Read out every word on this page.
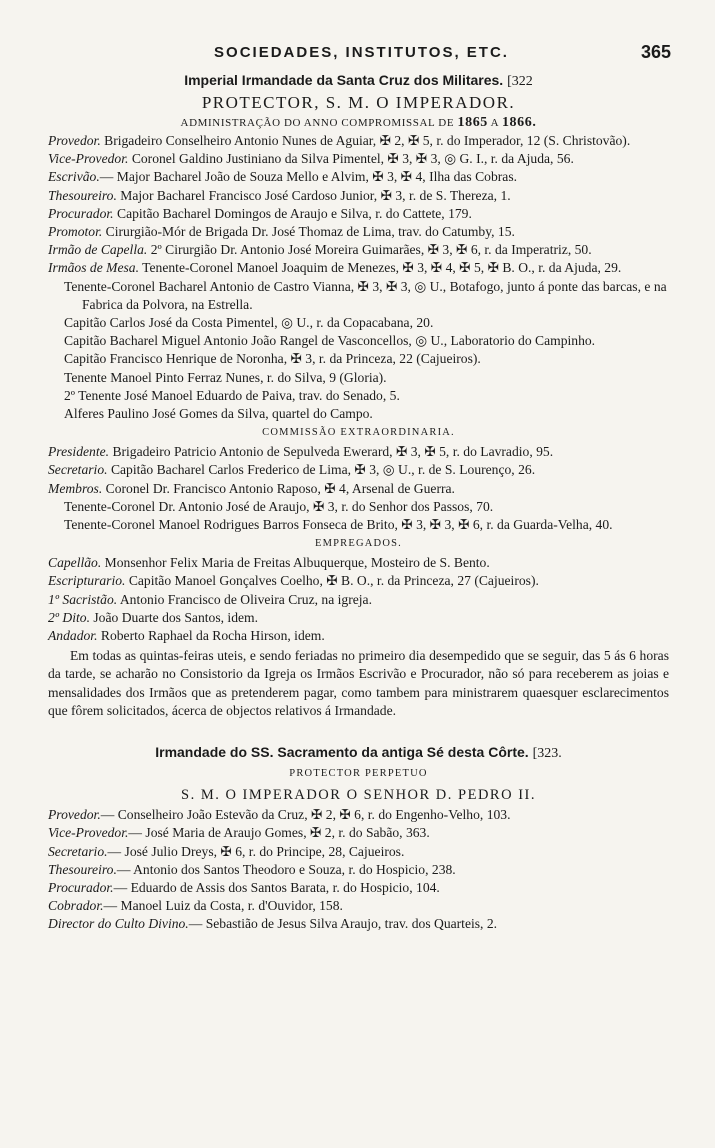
SOCIEDADES, INSTITUTOS, ETC.	365
Imperial Irmandade da Santa Cruz dos Militares. [322
PROTECTOR, S. M. O IMPERADOR.
ADMINISTRAÇÃO DO ANNO COMPROMISSAL DE 1865 A 1866.
Provedor. Brigadeiro Conselheiro Antonio Nunes de Aguiar, ✠ 2, ✠ 5, r. do Imperador, 12 (S. Christovão).
Vice-Provedor. Coronel Galdino Justiniano da Silva Pimentel, ✠ 3, ✠ 3, ◎ G. I., r. da Ajuda, 56.
Escrivão.— Major Bacharel João de Souza Mello e Alvim, ✠ 3, ✠ 4, Ilha das Cobras.
Thesoureiro. Major Bacharel Francisco José Cardoso Junior, ✠ 3, r. de S. Thereza, 1.
Procurador. Capitão Bacharel Domingos de Araujo e Silva, r. do Cattete, 179.
Promotor. Cirurgião-Mór de Brigada Dr. José Thomaz de Lima, trav. do Catumby, 15.
Irmão de Capella. 2º Cirurgião Dr. Antonio José Moreira Guimarães, ✠ 3, ✠ 6, r. da Imperatriz, 50.
Irmãos de Mesa. Tenente-Coronel Manoel Joaquim de Menezes, ✠ 3, ✠ 4, ✠ 5, ✠ B. O., r. da Ajuda, 29.
Tenente-Coronel Bacharel Antonio de Castro Vianna, ✠ 3, ✠ 3, ◎ U., Botafogo, junto á ponte das barcas, e na Fabrica da Polvora, na Estrella.
Capitão Carlos José da Costa Pimentel, ◎ U., r. da Copacabana, 20.
Capitão Bacharel Miguel Antonio João Rangel de Vasconcellos, ◎ U., Laboratorio do Campinho.
Capitão Francisco Henrique de Noronha, ✠ 3, r. da Princeza, 22 (Cajueiros).
Tenente Manoel Pinto Ferraz Nunes, r. do Silva, 9 (Gloria).
2º Tenente José Manoel Eduardo de Paiva, trav. do Senado, 5.
Alferes Paulino José Gomes da Silva, quartel do Campo.
COMMISSÃO EXTRAORDINARIA.
Presidente. Brigadeiro Patricio Antonio de Sepulveda Ewerard, ✠ 3, ✠ 5, r. do Lavradio, 95.
Secretario. Capitão Bacharel Carlos Frederico de Lima, ✠ 3, ◎ U., r. de S. Lourenço, 26.
Membros. Coronel Dr. Francisco Antonio Raposo, ✠ 4, Arsenal de Guerra.
Tenente-Coronel Dr. Antonio José de Araujo, ✠ 3, r. do Senhor dos Passos, 70.
Tenente-Coronel Manoel Rodrigues Barros Fonseca de Brito, ✠ 3, ✠ 3, ✠ 6, r. da Guarda-Velha, 40.
EMPREGADOS.
Capellão. Monsenhor Felix Maria de Freitas Albuquerque, Mosteiro de S. Bento.
Escripturario. Capitão Manoel Gonçalves Coelho, ✠ B. O., r. da Princeza, 27 (Cajueiros).
1º Sacristão. Antonio Francisco de Oliveira Cruz, na igreja.
2º Dito. João Duarte dos Santos, idem.
Andador. Roberto Raphael da Rocha Hirson, idem.
Em todas as quintas-feiras uteis, e sendo feriadas no primeiro dia desempedido que se seguir, das 5 ás 6 horas da tarde, se acharão no Consistorio da Igreja os Irmãos Escrivão e Procurador, não só para receberem as joias e mensalidades dos Irmãos que as pretenderem pagar, como tambem para ministrarem quaesquer esclarecimentos que fôrem solicitados, ácerca de objectos relativos á Irmandade.
Irmandade do SS. Sacramento da antiga Sé desta Côrte. [323.
PROTECTOR PERPETUO
S. M. O IMPERADOR O SENHOR D. PEDRO II.
Provedor.— Conselheiro João Estevão da Cruz, ✠ 2, ✠ 6, r. do Engenho-Velho, 103.
Vice-Provedor.— José Maria de Araujo Gomes, ✠ 2, r. do Sabão, 363.
Secretario.— José Julio Dreys, ✠ 6, r. do Principe, 28, Cajueiros.
Thesoureiro.— Antonio dos Santos Theodoro e Souza, r. do Hospicio, 238.
Procurador.— Eduardo de Assis dos Santos Barata, r. do Hospicio, 104.
Cobrador.— Manoel Luiz da Costa, r. d'Ouvidor, 158.
Director do Culto Divino.— Sebastião de Jesus Silva Araujo, trav. dos Quarteis, 2.
